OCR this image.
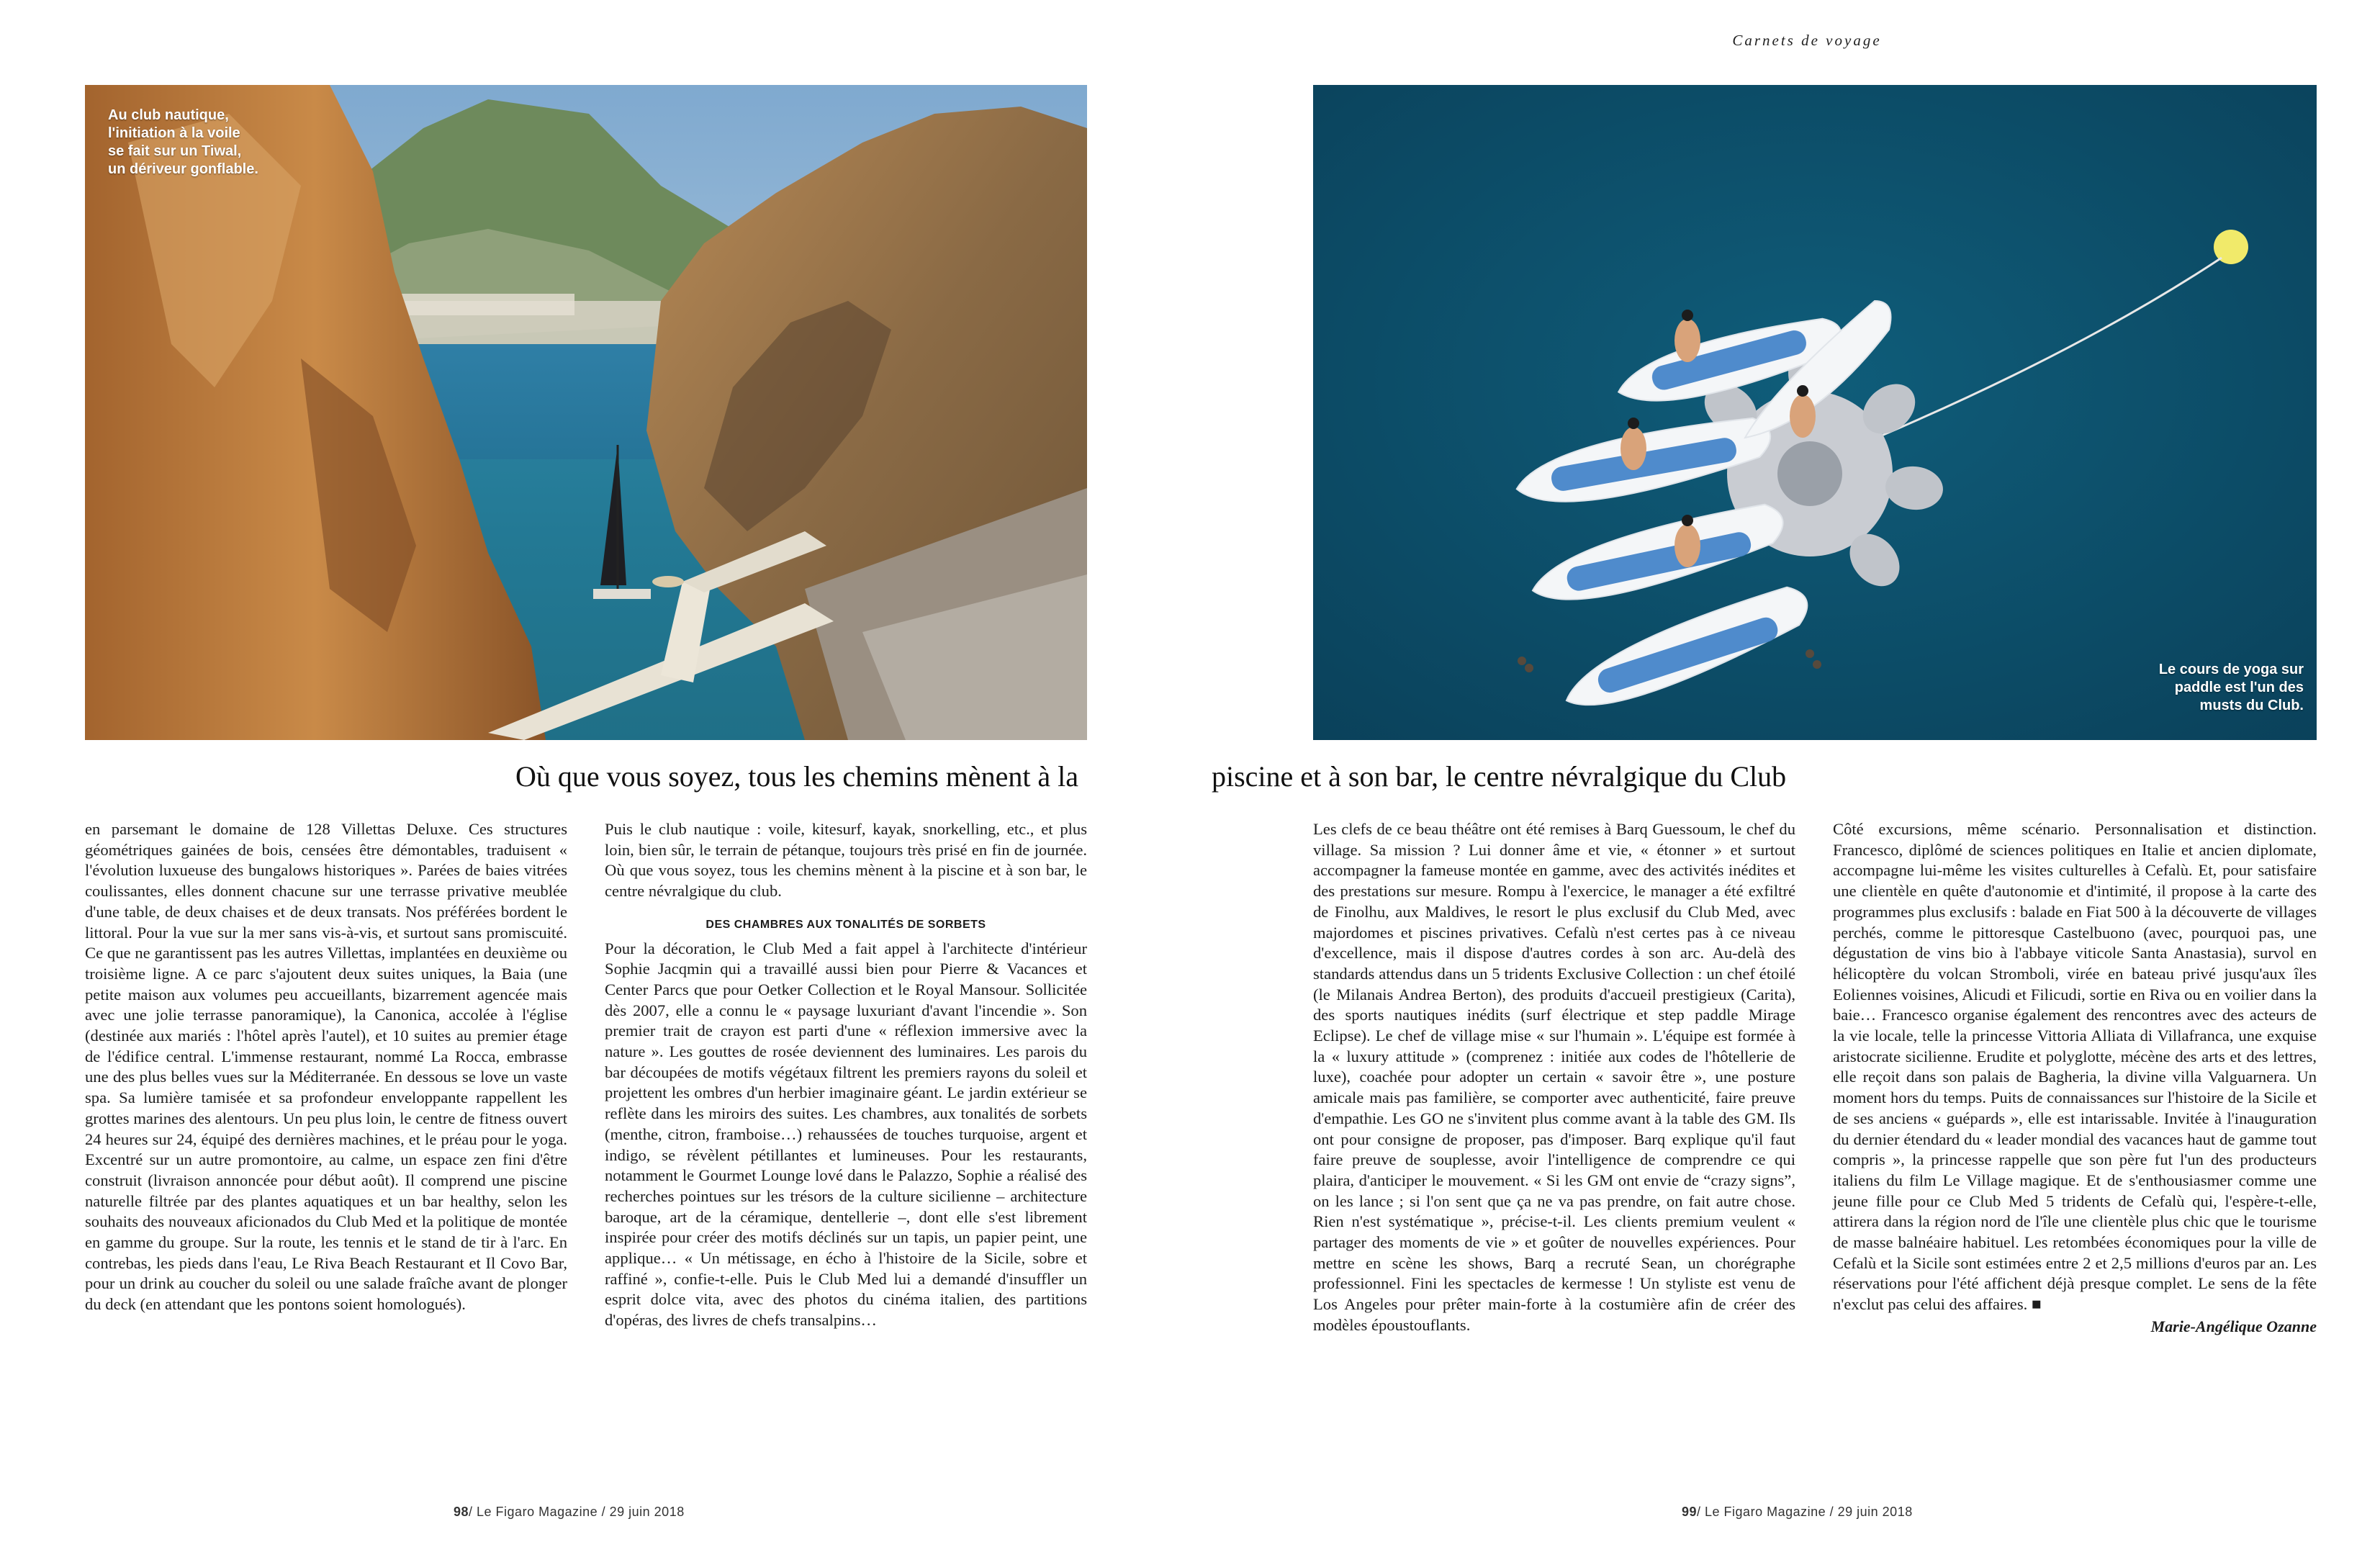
Carnets de voyage
Au club nautique,
l'initiation à la voile
se fait sur un Tiwal,
un dériveur gonflable.
Le cours de yoga sur
paddle est l'un des
musts du Club.
Où que vous soyez, tous les chemins mènent à la	piscine et à son bar, le centre névralgique du Club

en parsemant le domaine de 128 Villettas Deluxe. Ces structures géométriques gainées de bois, censées être démontables, traduisent « l'évolution luxueuse des bungalows historiques ». Parées de baies vitrées coulissantes, elles donnent chacune sur une terrasse privative meublée d'une table, de deux chaises et de deux transats. Nos préférées bordent le littoral. Pour la vue sur la mer sans vis-à-vis, et surtout sans promiscuité. Ce que ne garantissent pas les autres Villettas, implantées en deuxième ou troisième ligne. A ce parc s'ajoutent deux suites uniques, la Baia (une petite maison aux volumes peu accueillants, bizarrement agencée mais avec une jolie terrasse panoramique), la Canonica, accolée à l'église (destinée aux mariés : l'hôtel après l'autel), et 10 suites au premier étage de l'édifice central. L'immense restaurant, nommé La Rocca, embrasse une des plus belles vues sur la Méditerranée. En dessous se love un vaste spa. Sa lumière tamisée et sa profondeur enveloppante rappellent les grottes marines des alentours. Un peu plus loin, le centre de fitness ouvert 24 heures sur 24, équipé des dernières machines, et le préau pour le yoga. Excentré sur un autre promontoire, au calme, un espace zen fini d'être construit (livraison annoncée pour début août). Il comprend une piscine naturelle filtrée par des plantes aquatiques et un bar healthy, selon les souhaits des nouveaux aficionados du Club Med et la politique de montée en gamme du groupe. Sur la route, les tennis et le stand de tir à l'arc. En contrebas, les pieds dans l'eau, Le Riva Beach Restaurant et Il Covo Bar, pour un drink au coucher du soleil ou une salade fraîche avant de plonger du deck (en attendant que les pontons soient homologués).

Puis le club nautique : voile, kitesurf, kayak, snorkelling, etc., et plus loin, bien sûr, le terrain de pétanque, toujours très prisé en fin de journée. Où que vous soyez, tous les chemins mènent à la piscine et à son bar, le centre névralgique du club.

DES CHAMBRES AUX TONALITÉS DE SORBETS

Pour la décoration, le Club Med a fait appel à l'architecte d'intérieur Sophie Jacqmin qui a travaillé aussi bien pour Pierre & Vacances et Center Parcs que pour Oetker Collection et le Royal Mansour. Sollicitée dès 2007, elle a connu le « paysage luxuriant d'avant l'incendie ». Son premier trait de crayon est parti d'une « réflexion immersive avec la nature ». Les gouttes de rosée deviennent des luminaires. Les parois du bar découpées de motifs végétaux filtrent les premiers rayons du soleil et projettent les ombres d'un herbier imaginaire géant. Le jardin extérieur se reflète dans les miroirs des suites. Les chambres, aux tonalités de sorbets (menthe, citron, framboise…) rehaussées de touches turquoise, argent et indigo, se révèlent pétillantes et lumineuses. Pour les restaurants, notamment le Gourmet Lounge lové dans le Palazzo, Sophie a réalisé des recherches pointues sur les trésors de la culture sicilienne – architecture baroque, art de la céramique, dentellerie –, dont elle s'est librement inspirée pour créer des motifs déclinés sur un tapis, un papier peint, une applique… « Un métissage, en écho à l'histoire de la Sicile, sobre et raffiné », confie-t-elle. Puis le Club Med lui a demandé d'insuffler un esprit dolce vita, avec des photos du cinéma italien, des partitions d'opéras, des livres de chefs transalpins…

Les clefs de ce beau théâtre ont été remises à Barq Guessoum, le chef du village. Sa mission ? Lui donner âme et vie, « étonner » et surtout accompagner la fameuse montée en gamme, avec des activités inédites et des prestations sur mesure. Rompu à l'exercice, le manager a été exfiltré de Finolhu, aux Maldives, le resort le plus exclusif du Club Med, avec majordomes et piscines privatives. Cefalù n'est certes pas à ce niveau d'excellence, mais il dispose d'autres cordes à son arc. Au-delà des standards attendus dans un 5 tridents Exclusive Collection : un chef étoilé (le Milanais Andrea Berton), des produits d'accueil prestigieux (Carita), des sports nautiques inédits (surf électrique et step paddle Mirage Eclipse). Le chef de village mise « sur l'humain ». L'équipe est formée à la « luxury attitude » (comprenez : initiée aux codes de l'hôtellerie de luxe), coachée pour adopter un certain « savoir être », une posture amicale mais pas familière, se comporter avec authenticité, faire preuve d'empathie. Les GO ne s'invitent plus comme avant à la table des GM. Ils ont pour consigne de proposer, pas d'imposer. Barq explique qu'il faut faire preuve de souplesse, avoir l'intelligence de comprendre ce qui plaira, d'anticiper le mouvement. « Si les GM ont envie de “crazy signs”, on les lance ; si l'on sent que ça ne va pas prendre, on fait autre chose. Rien n'est systématique », précise-t-il. Les clients premium veulent « partager des moments de vie » et goûter de nouvelles expériences. Pour mettre en scène les shows, Barq a recruté Sean, un chorégraphe professionnel. Fini les spectacles de kermesse ! Un styliste est venu de Los Angeles pour prêter main-forte à la costumière afin de créer des modèles époustouflants.

Côté excursions, même scénario. Personnalisation et distinction. Francesco, diplômé de sciences politiques en Italie et ancien diplomate, accompagne lui-même les visites culturelles à Cefalù. Et, pour satisfaire une clientèle en quête d'autonomie et d'intimité, il propose à la carte des programmes plus exclusifs : balade en Fiat 500 à la découverte de villages perchés, comme le pittoresque Castelbuono (avec, pourquoi pas, une dégustation de vins bio à l'abbaye viticole Santa Anastasia), survol en hélicoptère du volcan Stromboli, virée en bateau privé jusqu'aux îles Eoliennes voisines, Alicudi et Filicudi, sortie en Riva ou en voilier dans la baie… Francesco organise également des rencontres avec des acteurs de la vie locale, telle la princesse Vittoria Alliata di Villafranca, une exquise aristocrate sicilienne. Erudite et polyglotte, mécène des arts et des lettres, elle reçoit dans son palais de Bagheria, la divine villa Valguarnera. Un moment hors du temps. Puits de connaissances sur l'histoire de la Sicile et de ses anciens « guépards », elle est intarissable. Invitée à l'inauguration du dernier étendard du « leader mondial des vacances haut de gamme tout compris », la princesse rappelle que son père fut l'un des producteurs italiens du film Le Village magique. Et de s'enthousiasmer comme une jeune fille pour ce Club Med 5 tridents de Cefalù qui, l'espère-t-elle, attirera dans la région nord de l'île une clientèle plus chic que le tourisme de masse balnéaire habituel. Les retombées économiques pour la ville de Cefalù et la Sicile sont estimées entre 2 et 2,5 millions d'euros par an. Les réservations pour l'été affichent déjà presque complet. Le sens de la fête n'exclut pas celui des affaires. ■

Marie-Angélique Ozanne
98/ Le Figaro Magazine / 29 juin 2018	99/ Le Figaro Magazine / 29 juin 2018
